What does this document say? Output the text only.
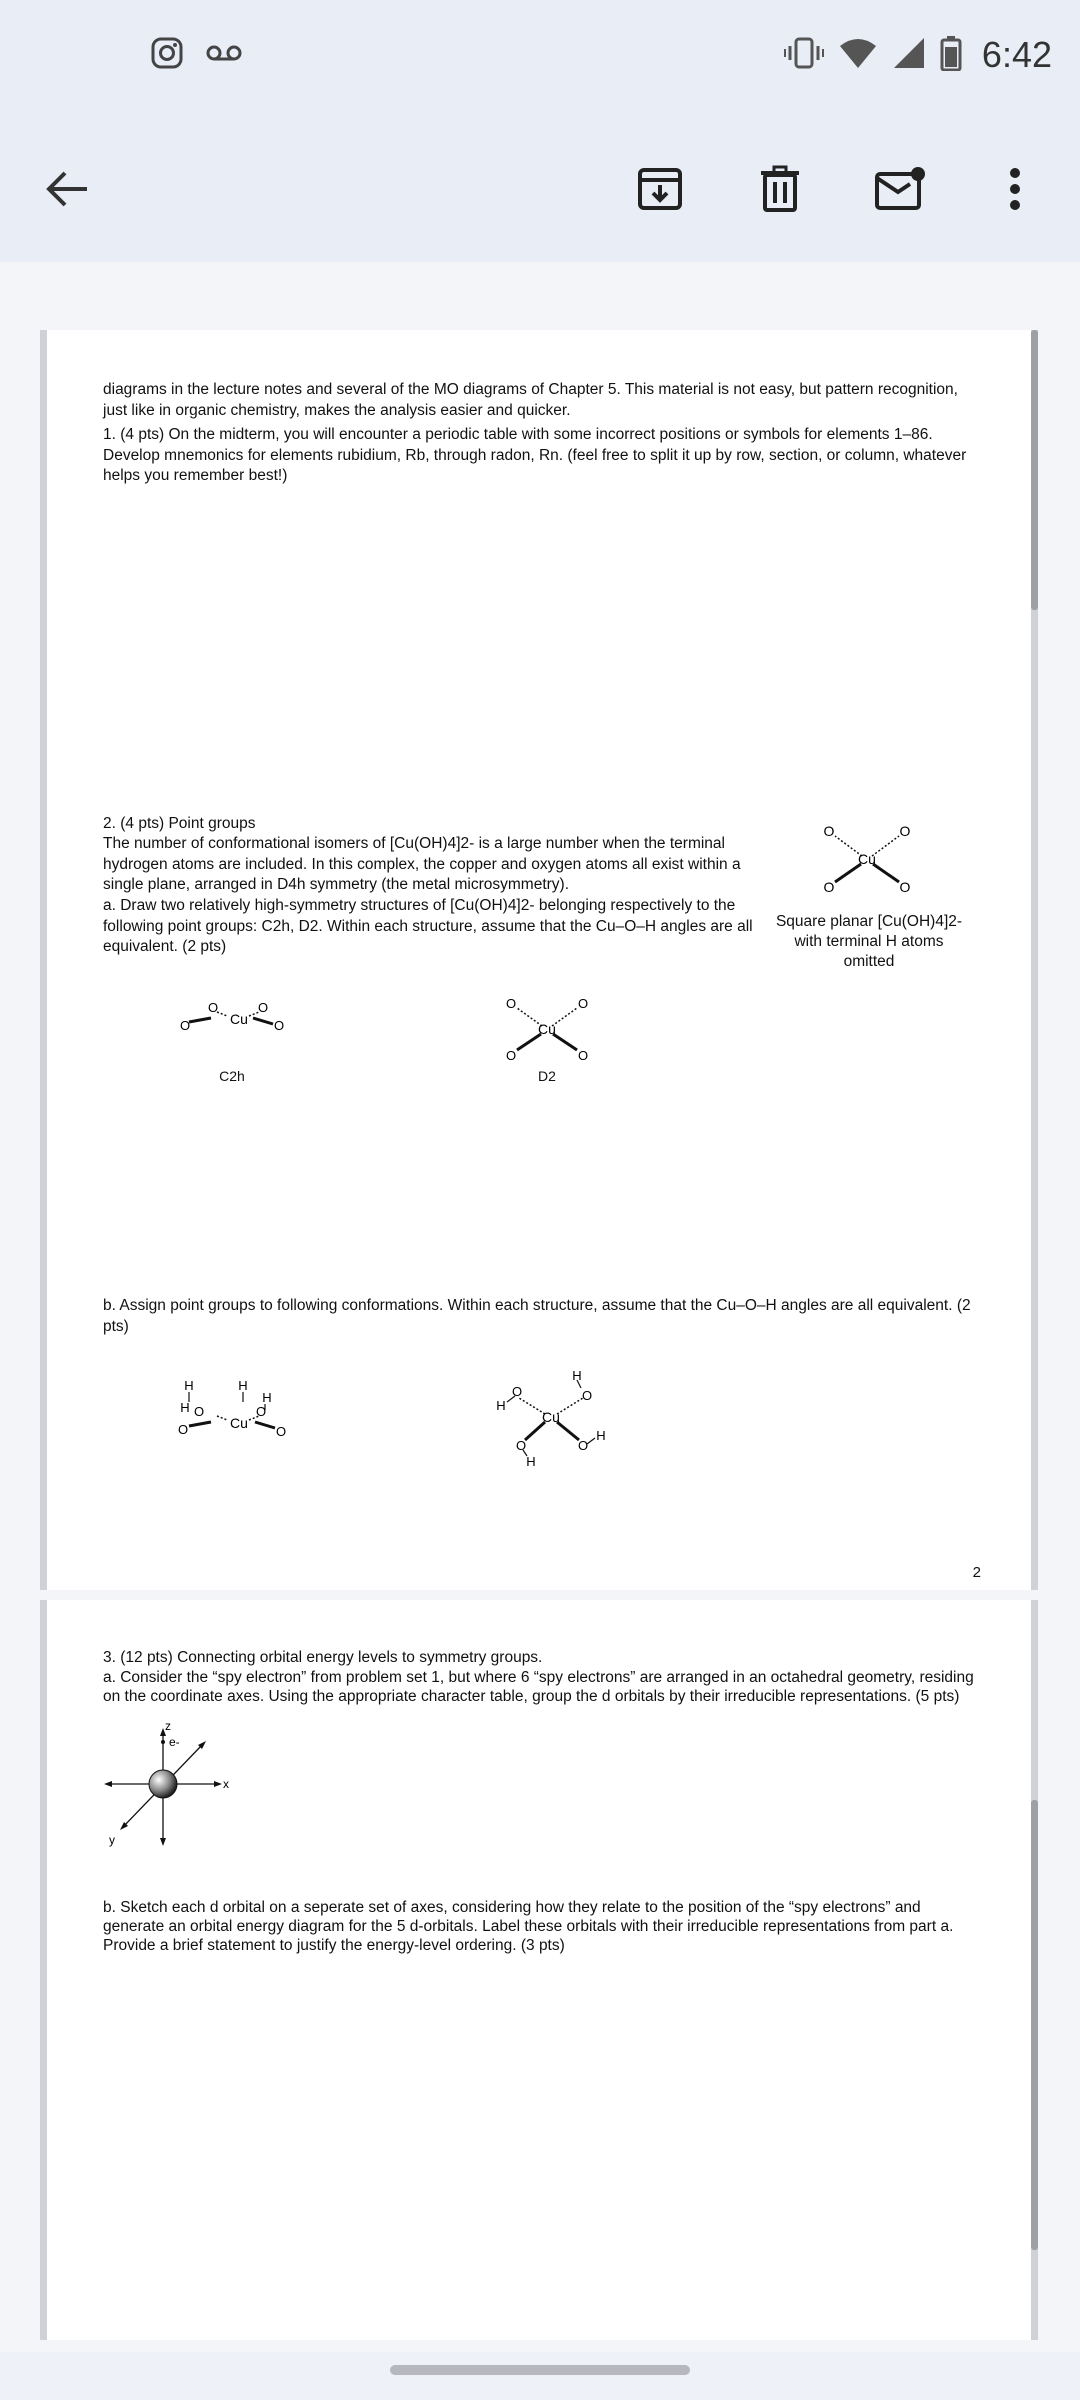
6:42
diagrams in the lecture notes and several of the MO diagrams of Chapter 5. This material is not easy, but pattern recognition, just like in organic chemistry, makes the analysis easier and quicker.
1. (4 pts) On the midterm, you will encounter a periodic table with some incorrect positions or symbols for elements 1–86. Develop mnemonics for elements rubidium, Rb, through radon, Rn. (feel free to split it up by row, section, or column, whatever helps you remember best!)
2. (4 pts) Point groups
The number of conformational isomers of [Cu(OH)4]2- is a large number when the terminal hydrogen atoms are included. In this complex, the copper and oxygen atoms all exist within a single plane, arranged in D4h symmetry (the metal microsymmetry).
a. Draw two relatively high-symmetry structures of [Cu(OH)4]2- belonging respectively to the following point groups: C2h, D2. Within each structure, assume that the Cu–O–H angles are all equivalent. (2 pts)
Cu
O	O
O	O
Square planar [Cu(OH)4]2- with terminal H atoms omitted
Cu
O	O
O	O
C2h
Cu
O	O
O	O
D2
b. Assign point groups to following conformations. Within each structure, assume that the Cu–O–H angles are all equivalent. (2 pts)
Cu
H	H
H
H
O	O
O	O
Cu
O	O
O	O
H
H
H
H
2
3. (12 pts) Connecting orbital energy levels to symmetry groups.
a. Consider the “spy electron” from problem set 1, but where 6 “spy electrons” are arranged in an octahedral geometry, residing on the coordinate axes. Using the appropriate character table, group the d orbitals by their irreducible representations. (5 pts)
z
e-
x
y
b. Sketch each d orbital on a seperate set of axes, considering how they relate to the position of the “spy electrons” and generate an orbital energy diagram for the 5 d-orbitals. Label these orbitals with their irreducible representations from part a. Provide a brief statement to justify the energy-level ordering. (3 pts)
